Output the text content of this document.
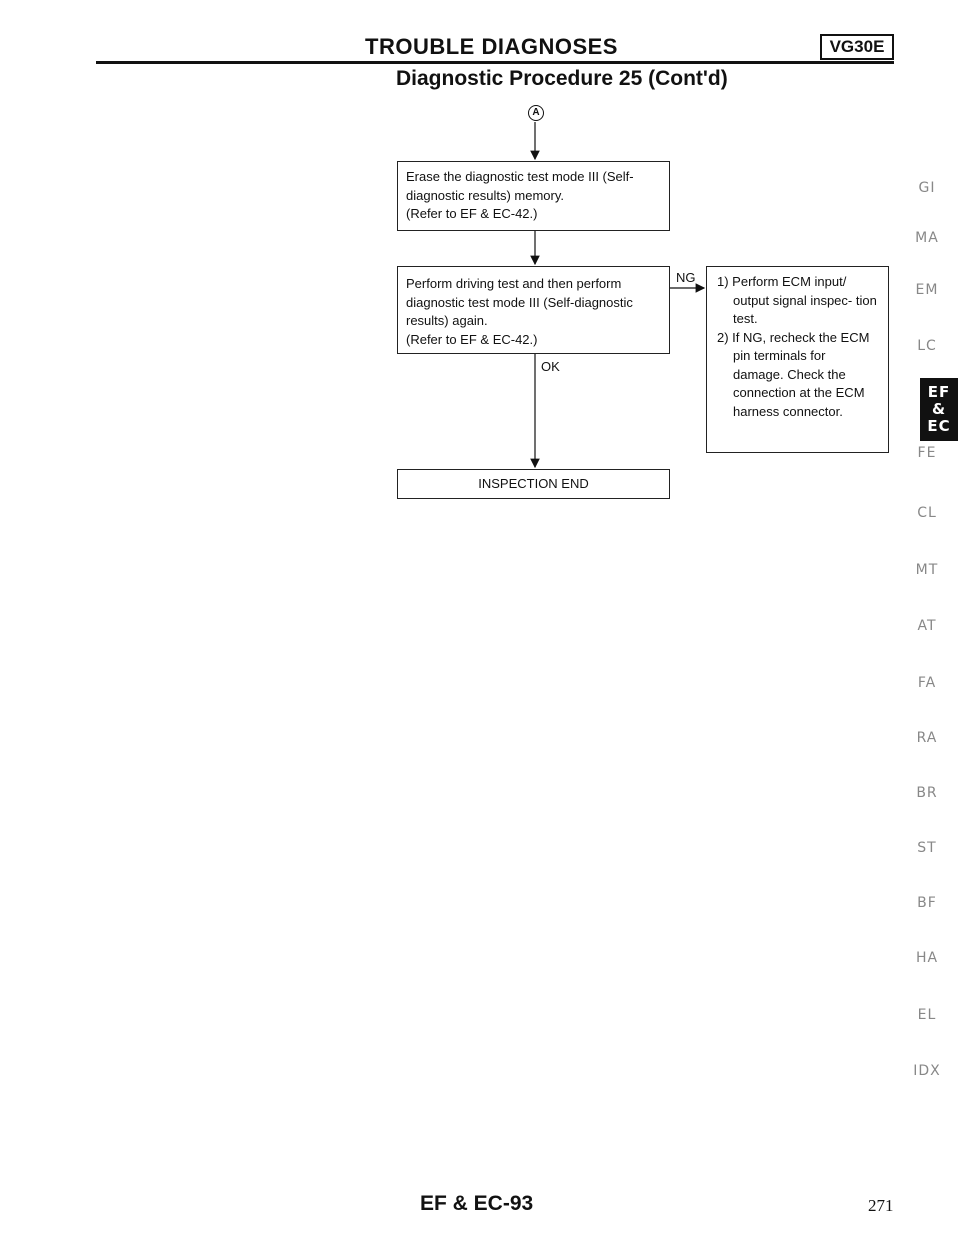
TROUBLE DIAGNOSES	VG30E
Diagnostic Procedure 25 (Cont'd)
A
Erase the diagnostic test mode III (Self-
diagnostic results) memory.
(Refer to EF & EC-42.)
Perform driving test and then perform
diagnostic test mode III (Self-diagnostic
results) again.
(Refer to EF & EC-42.)
OK
NG 1) Perform ECM input/ output signal inspec- tion test.
2) If NG, recheck the ECM pin terminals for damage. Check the connection at the ECM harness connector.
INSPECTION END
GI
MA
EM
LC
EF & EC
FE
CL
MT
AT
FA
RA
BR
ST
BF
HA
EL
IDX
EF & EC-93	271
